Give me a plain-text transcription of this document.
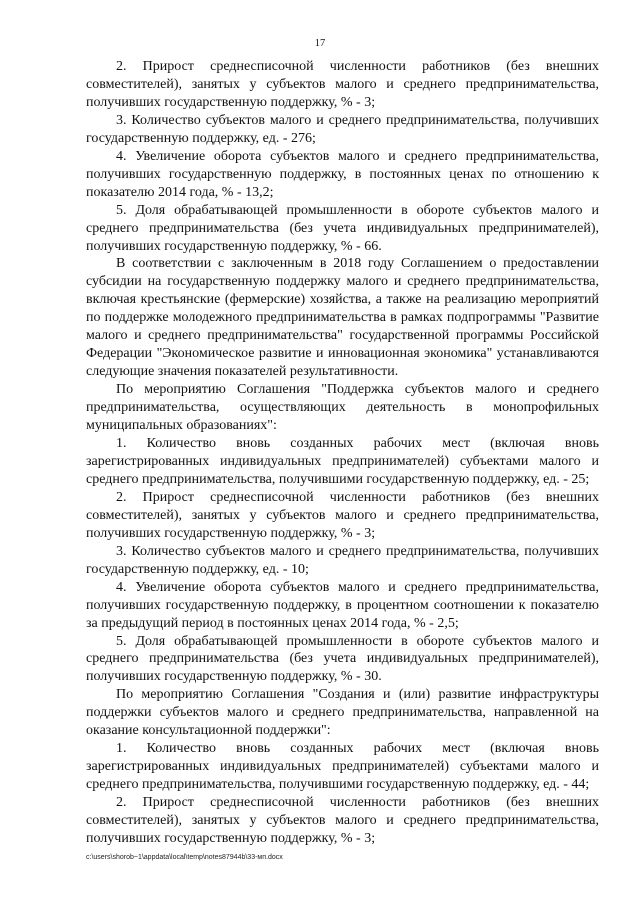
17

2. Прирост среднесписочной численности работников (без внешних совместителей), занятых у субъектов малого и среднего предпринимательства, получивших государственную поддержку, % - 3;

3. Количество субъектов малого и среднего предпринимательства, получивших государственную поддержку, ед. - 276;

4. Увеличение оборота субъектов малого и среднего предпринимательства, получивших государственную поддержку, в постоянных ценах по отношению к показателю 2014 года, % - 13,2;

5. Доля обрабатывающей промышленности в обороте субъектов малого и среднего предпринимательства (без учета индивидуальных предпринимателей), получивших государственную поддержку, % - 66.

В соответствии с заключенным в 2018 году Соглашением о предоставлении субсидии на государственную поддержку малого и среднего предпринимательства, включая крестьянские (фермерские) хозяйства, а также на реализацию мероприятий по поддержке молодежного предпринимательства в рамках подпрограммы "Развитие малого и среднего предпринимательства" государственной программы Российской Федерации "Экономическое развитие и инновационная экономика" устанавливаются следующие значения показателей результативности.

По мероприятию Соглашения "Поддержка субъектов малого и среднего предпринимательства, осуществляющих деятельность в монопрофильных муниципальных образованиях":

1. Количество вновь созданных рабочих мест (включая вновь зарегистрированных индивидуальных предпринимателей) субъектами малого и среднего предпринимательства, получившими государственную поддержку, ед. - 25;

2. Прирост среднесписочной численности работников (без внешних совместителей), занятых у субъектов малого и среднего предпринимательства, получивших государственную поддержку, % - 3;

3. Количество субъектов малого и среднего предпринимательства, получивших государственную поддержку, ед. - 10;

4. Увеличение оборота субъектов малого и среднего предпринимательства, получивших государственную поддержку, в процентном соотношении к показателю за предыдущий период в постоянных ценах 2014 года, % - 2,5;

5. Доля обрабатывающей промышленности в обороте субъектов малого и среднего предпринимательства (без учета индивидуальных предпринимателей), получивших государственную поддержку, % - 30.

По мероприятию Соглашения "Создания и (или) развитие инфраструктуры поддержки субъектов малого и среднего предпринимательства, направленной на оказание консультационной поддержки":

1. Количество вновь созданных рабочих мест (включая вновь зарегистрированных индивидуальных предпринимателей) субъектами малого и среднего предпринимательства, получившими государственную поддержку, ед. - 44;

2. Прирост среднесписочной численности работников (без внешних совместителей), занятых у субъектов малого и среднего предпринимательства, получивших государственную поддержку, % - 3;

c:\users\shorob~1\appdata\local\temp\notes87944b\33-мп.docx
